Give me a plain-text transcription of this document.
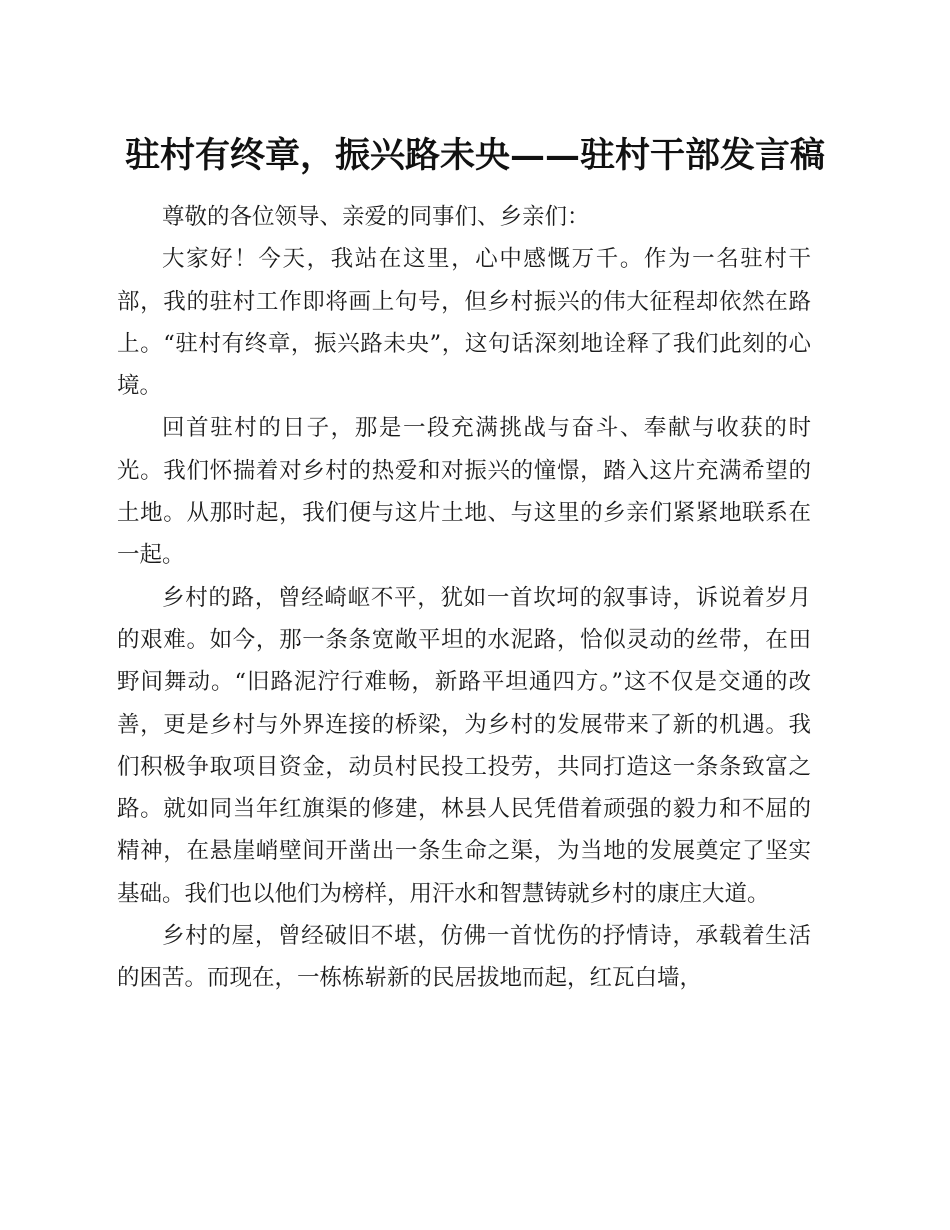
驻村有终章，振兴路未央——驻村干部发言稿

尊敬的各位领导、亲爱的同事们、乡亲们：

大家好！今天，我站在这里，心中感慨万千。作为一名驻村干部，我的驻村工作即将画上句号，但乡村振兴的伟大征程却依然在路上。“驻村有终章，振兴路未央”，这句话深刻地诠释了我们此刻的心境。

回首驻村的日子，那是一段充满挑战与奋斗、奉献与收获的时光。我们怀揣着对乡村的热爱和对振兴的憧憬，踏入这片充满希望的土地。从那时起，我们便与这片土地、与这里的乡亲们紧紧地联系在一起。

乡村的路，曾经崎岖不平，犹如一首坎坷的叙事诗，诉说着岁月的艰难。如今，那一条条宽敞平坦的水泥路，恰似灵动的丝带，在田野间舞动。“旧路泥泞行难畅，新路平坦通四方。”这不仅是交通的改善，更是乡村与外界连接的桥梁，为乡村的发展带来了新的机遇。我们积极争取项目资金，动员村民投工投劳，共同打造这一条条致富之路。就如同当年红旗渠的修建，林县人民凭借着顽强的毅力和不屈的精神，在悬崖峭壁间开凿出一条生命之渠，为当地的发展奠定了坚实基础。我们也以他们为榜样，用汗水和智慧铸就乡村的康庄大道。

乡村的屋，曾经破旧不堪，仿佛一首忧伤的抒情诗，承载着生活的困苦。而现在，一栋栋崭新的民居拔地而起，红瓦白墙，
